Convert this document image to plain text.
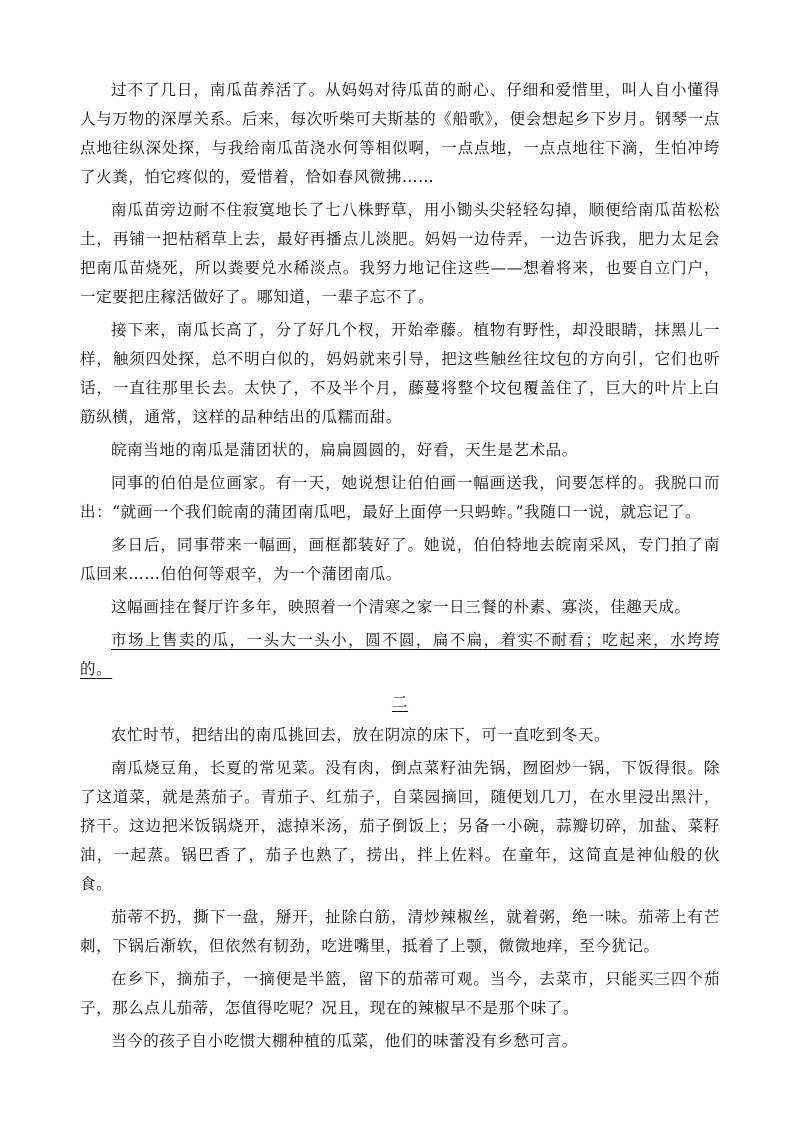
过不了几日，南瓜苗养活了。从妈妈对待瓜苗的耐心、仔细和爱惜里，叫人自小懂得人与万物的深厚关系。后来，每次听柴可夫斯基的《船歌》，便会想起乡下岁月。钢琴一点点地往纵深处探，与我给南瓜苗浇水何等相似啊，一点点地，一点点地往下滴，生怕冲垮了火粪，怕它疼似的，爱惜着，恰如春风微拂……

南瓜苗旁边耐不住寂寞地长了七八株野草，用小锄头尖轻轻勾掉，顺便给南瓜苗松松土，再铺一把枯稻草上去，最好再播点儿淡肥。妈妈一边侍弄，一边告诉我，肥力太足会把南瓜苗烧死，所以粪要兑水稀淡点。我努力地记住这些——想着将来，也要自立门户，一定要把庄稼活做好了。哪知道，一辈子忘不了。

接下来，南瓜长高了，分了好几个杈，开始牵藤。植物有野性，却没眼睛，抹黑儿一样，触须四处探，总不明白似的，妈妈就来引导，把这些触丝往坟包的方向引，它们也听话，一直往那里长去。太快了，不及半个月，藤蔓将整个坟包覆盖住了，巨大的叶片上白筋纵横，通常，这样的品种结出的瓜糯而甜。

皖南当地的南瓜是蒲团状的，扁扁圆圆的，好看，天生是艺术品。

同事的伯伯是位画家。有一天，她说想让伯伯画一幅画送我，问要怎样的。我脱口而出：“就画一个我们皖南的蒲团南瓜吧，最好上面停一只蚂蚱。”我随口一说，就忘记了。

多日后，同事带来一幅画，画框都装好了。她说，伯伯特地去皖南采风，专门拍了南瓜回来……伯伯何等艰辛，为一个蒲团南瓜。

这幅画挂在餐厅许多年，映照着一个清寒之家一日三餐的朴素、寡淡，佳趣天成。

市场上售卖的瓜，一头大一头小，圆不圆，扁不扁，着实不耐看；吃起来，水垮垮的。

二

农忙时节，把结出的南瓜挑回去，放在阴凉的床下，可一直吃到冬天。

南瓜烧豆角，长夏的常见菜。没有肉，倒点菜籽油先锅，囫囵炒一锅，下饭得很。除了这道菜，就是蒸茄子。青茄子、红茄子，自菜园摘回，随便划几刀，在水里浸出黑汁，挤干。这边把米饭锅烧开，滤掉米汤，茄子倒饭上；另备一小碗，蒜瓣切碎，加盐、菜籽油，一起蒸。锅巴香了，茄子也熟了，捞出，拌上佐料。在童年，这简直是神仙般的伙食。

茄蒂不扔，撕下一盘，掰开，扯除白筋，清炒辣椒丝，就着粥，绝一味。茄蒂上有芒刺，下锅后渐软，但依然有韧劲，吃进嘴里，抵着了上颚，微微地痒，至今犹记。

在乡下，摘茄子，一摘便是半篮，留下的茄蒂可观。当今，去菜市，只能买三四个茄子，那么点儿茄蒂，怎值得吃呢？况且，现在的辣椒早不是那个味了。

当今的孩子自小吃惯大棚种植的瓜菜，他们的味蕾没有乡愁可言。
